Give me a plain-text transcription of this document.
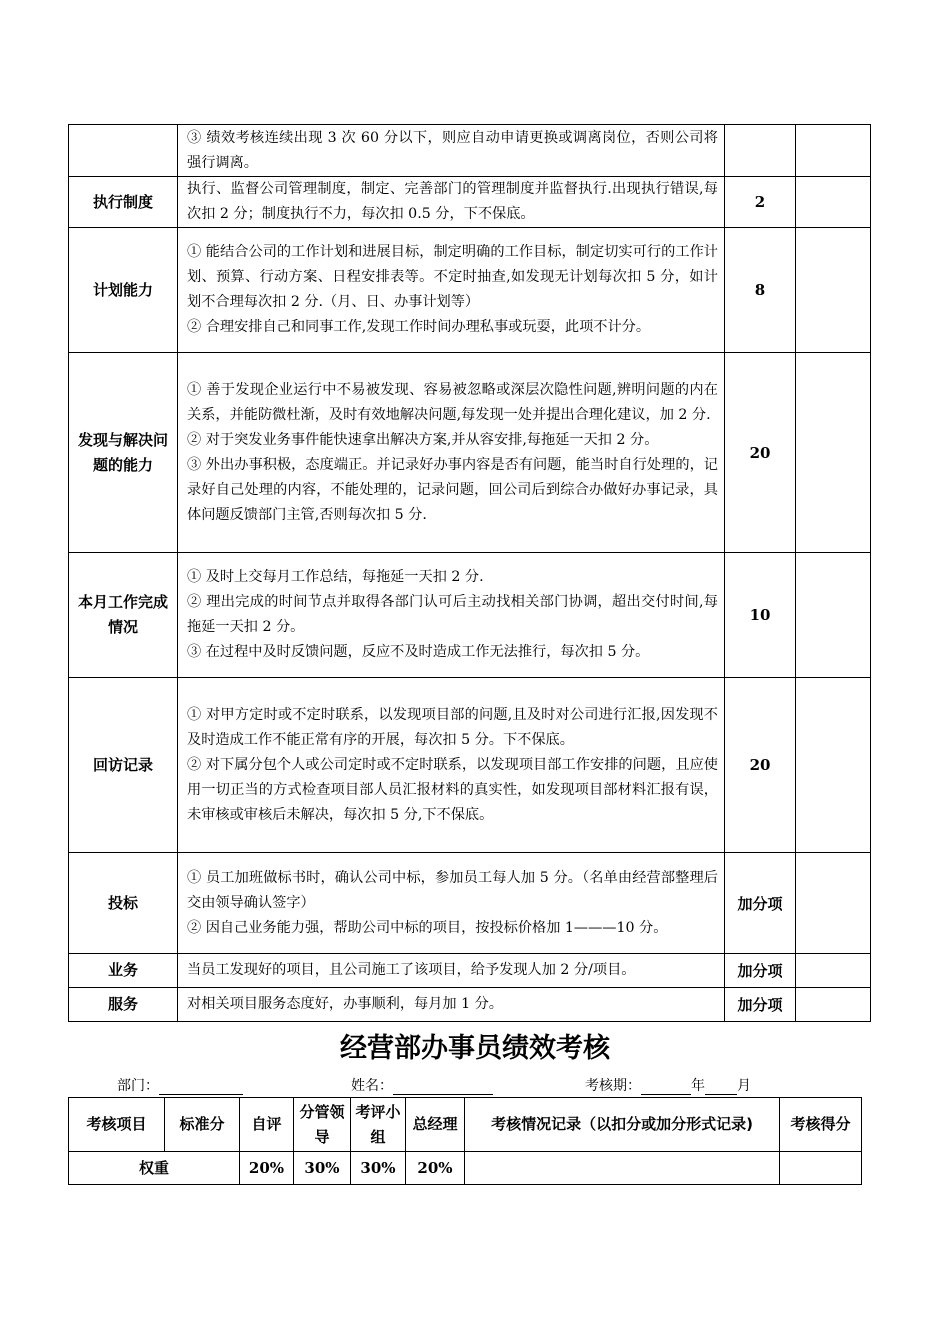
	③ 绩效考核连续出现 3 次 60 分以下，则应自动申请更换或调离岗位，否则公司将强行调离。		

执行制度	执行、监督公司管理制度，制定、完善部门的管理制度并监督执行.出现执行错误,每次扣 2 分；制度执行不力，每次扣 0.5 分，下不保底。	2	
计划能力	① 能结合公司的工作计划和进展目标，制定明确的工作目标，制定切实可行的工作计划、预算、行动方案、日程安排表等。不定时抽查,如发现无计划每次扣 5 分，如计划不合理每次扣 2 分.（月、日、办事计划等）
② 合理安排自己和同事工作,发现工作时间办理私事或玩耍，此项不计分。	8	
发现与解决问题的能力	① 善于发现企业运行中不易被发现、容易被忽略或深层次隐性问题,辨明问题的内在关系，并能防微杜渐，及时有效地解决问题,每发现一处并提出合理化建议，加 2 分.
② 对于突发业务事件能快速拿出解决方案,并从容安排,每拖延一天扣 2 分。
③ 外出办事积极，态度端正。并记录好办事内容是否有问题，能当时自行处理的，记录好自己处理的内容，不能处理的，记录问题，回公司后到综合办做好办事记录，具体问题反馈部门主管,否则每次扣 5 分.	20	
本月工作完成情况	① 及时上交每月工作总结，每拖延一天扣 2 分.
② 理出完成的时间节点并取得各部门认可后主动找相关部门协调，超出交付时间,每拖延一天扣 2 分。
③ 在过程中及时反馈问题，反应不及时造成工作无法推行，每次扣 5 分。	10	
回访记录	① 对甲方定时或不定时联系，以发现项目部的问题,且及时对公司进行汇报,因发现不及时造成工作不能正常有序的开展，每次扣 5 分。下不保底。
② 对下属分包个人或公司定时或不定时联系，以发现项目部工作安排的问题，且应使用一切正当的方式检查项目部人员汇报材料的真实性，如发现项目部材料汇报有误，未审核或审核后未解决，每次扣 5 分,下不保底。	20	
投标	① 员工加班做标书时，确认公司中标，参加员工每人加 5 分。（名单由经营部整理后交由领导确认签字）
② 因自己业务能力强，帮助公司中标的项目，按投标价格加 1———10 分。	加分项	
业务	当员工发现好的项目，且公司施工了该项目，给予发现人加 2 分/项目。	加分项	
服务	对相关项目服务态度好，办事顺利，每月加 1 分。	加分项	
经营部办事员绩效考核
部门：	姓名：	考核期：	年 月
考核项目	标准分	自评	分管领导	考评小组	总经理	考核情况记录（以扣分或加分形式记录)	考核得分
权重		20%	30%	30%	20%		
